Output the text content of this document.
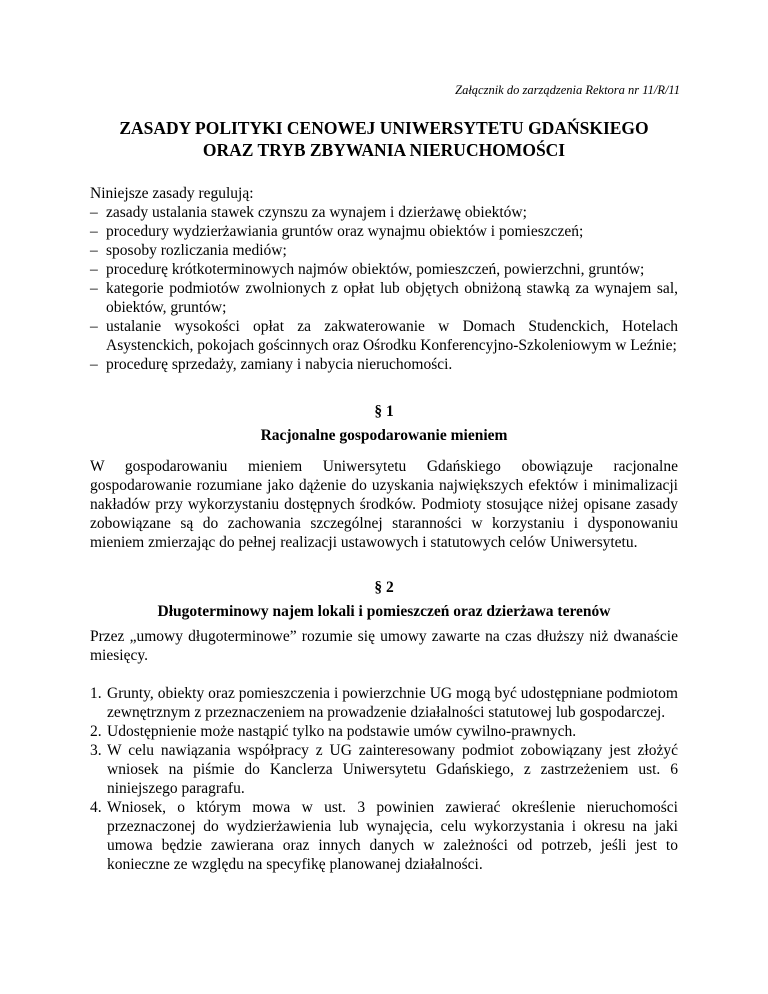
Załącznik do zarządzenia Rektora nr 11/R/11
ZASADY POLITYKI CENOWEJ UNIWERSYTETU GDAŃSKIEGO
ORAZ TRYB ZBYWANIA NIERUCHOMOŚCI
Niniejsze zasady regulują:
– zasady ustalania stawek czynszu za wynajem i dzierżawę obiektów;
– procedury wydzierżawiania gruntów oraz wynajmu obiektów i pomieszczeń;
– sposoby rozliczania mediów;
– procedurę krótkoterminowych najmów obiektów, pomieszczeń, powierzchni, gruntów;
– kategorie podmiotów zwolnionych z opłat lub objętych obniżoną stawką za wynajem sal, obiektów, gruntów;
– ustalanie wysokości opłat za zakwaterowanie w Domach Studenckich, Hotelach Asystenckich, pokojach gościnnych oraz Ośrodku Konferencyjno-Szkoleniowym w Leźnie;
– procedurę sprzedaży, zamiany i nabycia nieruchomości.
§ 1
Racjonalne gospodarowanie mieniem

W gospodarowaniu mieniem Uniwersytetu Gdańskiego obowiązuje racjonalne gospodarowanie rozumiane jako dążenie do uzyskania największych efektów i minimalizacji nakładów przy wykorzystaniu dostępnych środków. Podmioty stosujące niżej opisane zasady zobowiązane są do zachowania szczególnej staranności w korzystaniu i dysponowaniu mieniem zmierzając do pełnej realizacji ustawowych i statutowych celów Uniwersytetu.

§ 2
Długoterminowy najem lokali i pomieszczeń oraz dzierżawa terenów

Przez „umowy długoterminowe” rozumie się umowy zawarte na czas dłuższy niż dwanaście miesięcy.

1. Grunty, obiekty oraz pomieszczenia i powierzchnie UG mogą być udostępniane podmiotom zewnętrznym z przeznaczeniem na prowadzenie działalności statutowej lub gospodarczej.
2. Udostępnienie może nastąpić tylko na podstawie umów cywilno-prawnych.
3. W celu nawiązania współpracy z UG zainteresowany podmiot zobowiązany jest złożyć wniosek na piśmie do Kanclerza Uniwersytetu Gdańskiego, z zastrzeżeniem ust. 6 niniejszego paragrafu.
4. Wniosek, o którym mowa w ust. 3 powinien zawierać określenie nieruchomości przeznaczonej do wydzierżawienia lub wynajęcia, celu wykorzystania i okresu na jaki umowa będzie zawierana oraz innych danych w zależności od potrzeb, jeśli jest to konieczne ze względu na specyfikę planowanej działalności.
